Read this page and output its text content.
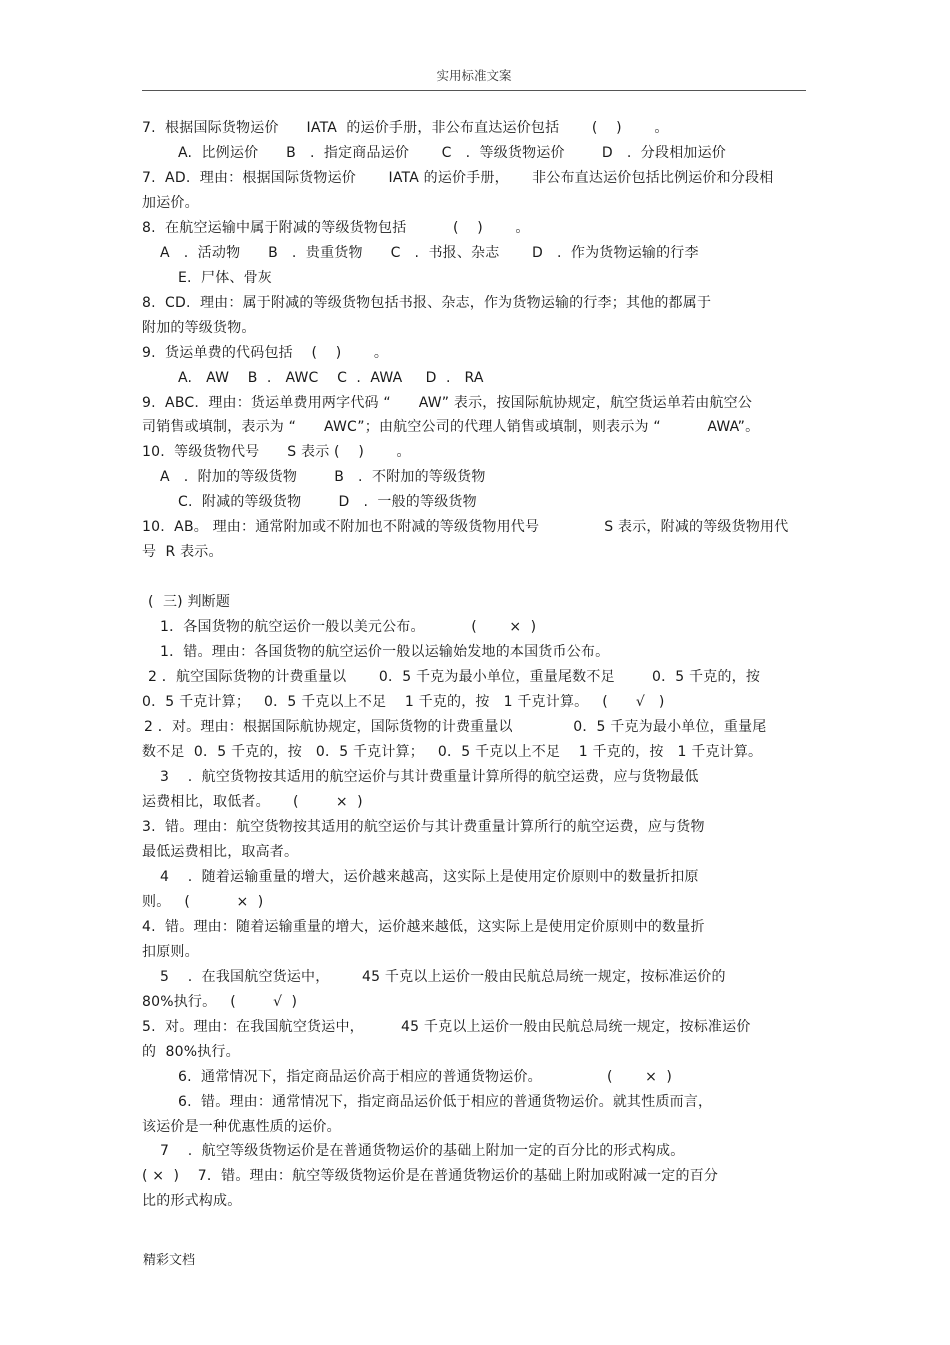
实用标准文案
7.  根据国际货物运价      IATA  的运价手册，非公布直达运价包括       (    )       。
A.  比例运价      B   .  指定商品运价       C   .  等级货物运价        D   .  分段相加运价
7.  AD.  理由：根据国际货物运价       IATA 的运价手册，     非公布直达运价包括比例运价和分段相
加运价。
8.  在航空运输中属于附减的等级货物包括          (    )       。
A   .  活动物      B   .  贵重货物      C   .  书报、杂志       D   .  作为货物运输的行李
E.  尸体、骨灰
8.  CD.  理由：属于附减的等级货物包括书报、杂志，作为货物运输的行李；其他的都属于
附加的等级货物。
9.  货运单费的代码包括    (    )       。
A.   AW    B  .   AWC    C  .  AWA     D  .   RA
9.  ABC.  理由：货运单费用两字代码 “      AW” 表示，按国际航协规定，航空货运单若由航空公
司销售或填制，表示为 “      AWC”；由航空公司的代理人销售或填制，则表示为 “          AWA”。
10.  等级货物代号      S 表示 (    )       。
A   .  附加的等级货物        B   .  不附加的等级货物
C.  附减的等级货物        D   .  一般的等级货物
10.  AB。 理由：通常附加或不附加也不附减的等级货物用代号              S 表示，附减的等级货物用代
号  R 表示。
(  三) 判断题
1．各国货物的航空运价一般以美元公布。          (       ×  )
1．错。理由：各国货物的航空运价一般以运输始发地的本国货币公布。
2 ．航空国际货物的计费重量以       0．5 千克为最小单位，重量尾数不足        0．5 千克的，按
0．5 千克计算；   0．5 千克以上不足    1 千克的，按   1 千克计算。   (      √   )
2 ．对。理由：根据国际航协规定，国际货物的计费重量以             0．5 千克为最小单位，重量尾
数不足  0．5 千克的，按   0．5 千克计算；   0．5 千克以上不足    1 千克的，按   1 千克计算。
3    .  航空货物按其适用的航空运价与其计费重量计算所得的航空运费，应与货物最低
运费相比，取低者。     (        ×  )
3.  错。理由：航空货物按其适用的航空运价与其计费重量计算所行的航空运费，应与货物
最低运费相比，取高者。
4    .  随着运输重量的增大，运价越来越高，这实际上是使用定价原则中的数量折扣原
则。   (          ×  )
4.  错。理由：随着运输重量的增大，运价越来越低，这实际上是使用定价原则中的数量折
扣原则。
5    .  在我国航空货运中，       45 千克以上运价一般由民航总局统一规定，按标准运价的
80%执行。   (        √  )
5.  对。理由：在我国航空货运中，        45 千克以上运价一般由民航总局统一规定，按标准运价
的  80%执行。
6.  通常情况下，指定商品运价高于相应的普通货物运价。              (       ×  )
6.  错。理由：通常情况下，指定商品运价低于相应的普通货物运价。就其性质而言，
该运价是一种优惠性质的运价。
7    .  航空等级货物运价是在普通货物运价的基础上附加一定的百分比的形式构成。
( ×  )    7．错。理由：航空等级货物运价是在普通货物运价的基础上附加或附减一定的百分
比的形式构成。
精彩文档
